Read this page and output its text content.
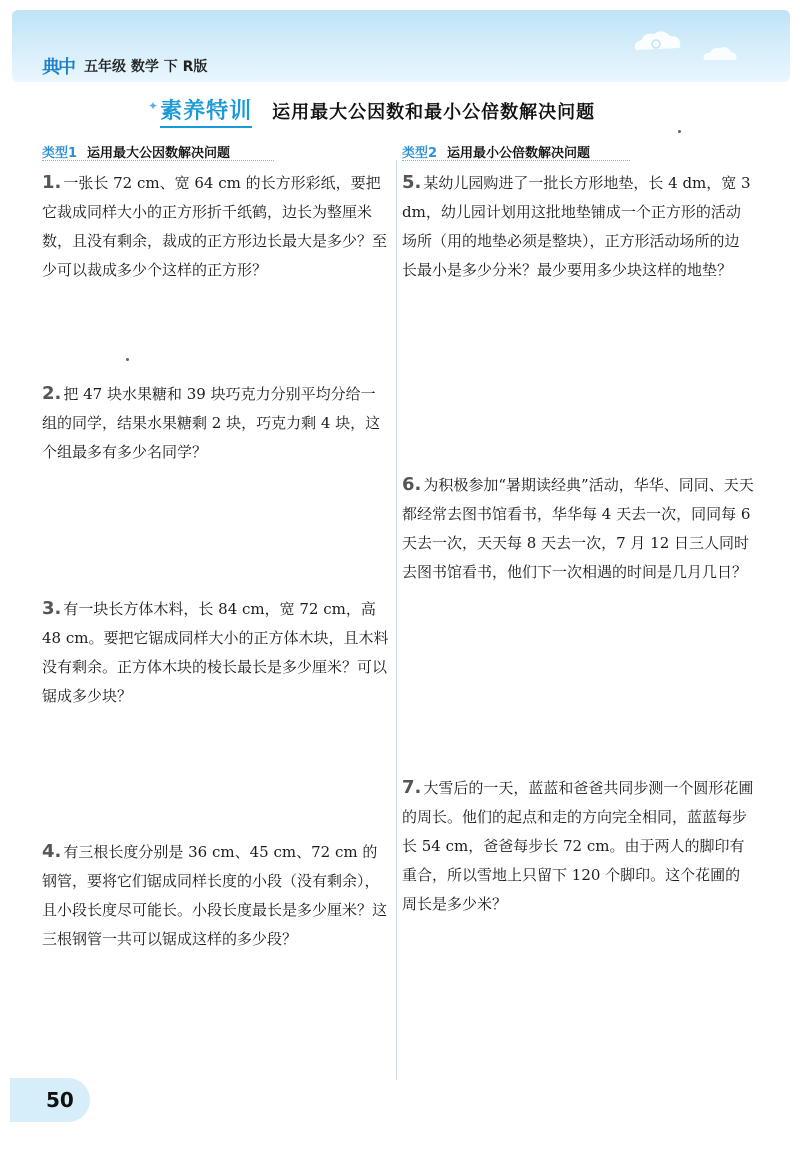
典中 五年级 数学 下 R版
✦ 素养特训 运用最大公因数和最小公倍数解决问题
类型1 运用最大公因数解决问题	类型2 运用最小公倍数解决问题
1. 一张长 72 cm、宽 64 cm 的长方形彩纸，要把它裁成同样大小的正方形折千纸鹤，边长为整厘米数，且没有剩余，裁成的正方形边长最大是多少？至少可以裁成多少个这样的正方形？
2. 把 47 块水果糖和 39 块巧克力分别平均分给一组的同学，结果水果糖剩 2 块，巧克力剩 4 块，这个组最多有多少名同学？
3. 有一块长方体木料，长 84 cm，宽 72 cm，高 48 cm。要把它锯成同样大小的正方体木块，且木料没有剩余。正方体木块的棱长最长是多少厘米？可以锯成多少块？
4. 有三根长度分别是 36 cm、45 cm、72 cm 的钢管，要将它们锯成同样长度的小段（没有剩余），且小段长度尽可能长。小段长度最长是多少厘米？这三根钢管一共可以锯成这样的多少段？
5. 某幼儿园购进了一批长方形地垫，长 4 dm，宽 3 dm，幼儿园计划用这批地垫铺成一个正方形的活动场所（用的地垫必须是整块），正方形活动场所的边长最小是多少分米？最少要用多少块这样的地垫？
6. 为积极参加“暑期读经典”活动，华华、同同、天天都经常去图书馆看书，华华每 4 天去一次，同同每 6 天去一次，天天每 8 天去一次，7 月 12 日三人同时去图书馆看书，他们下一次相遇的时间是几月几日？
7. 大雪后的一天，蓝蓝和爸爸共同步测一个圆形花圃的周长。他们的起点和走的方向完全相同，蓝蓝每步长 54 cm，爸爸每步长 72 cm。由于两人的脚印有重合，所以雪地上只留下 120 个脚印。这个花圃的周长是多少米？
50
